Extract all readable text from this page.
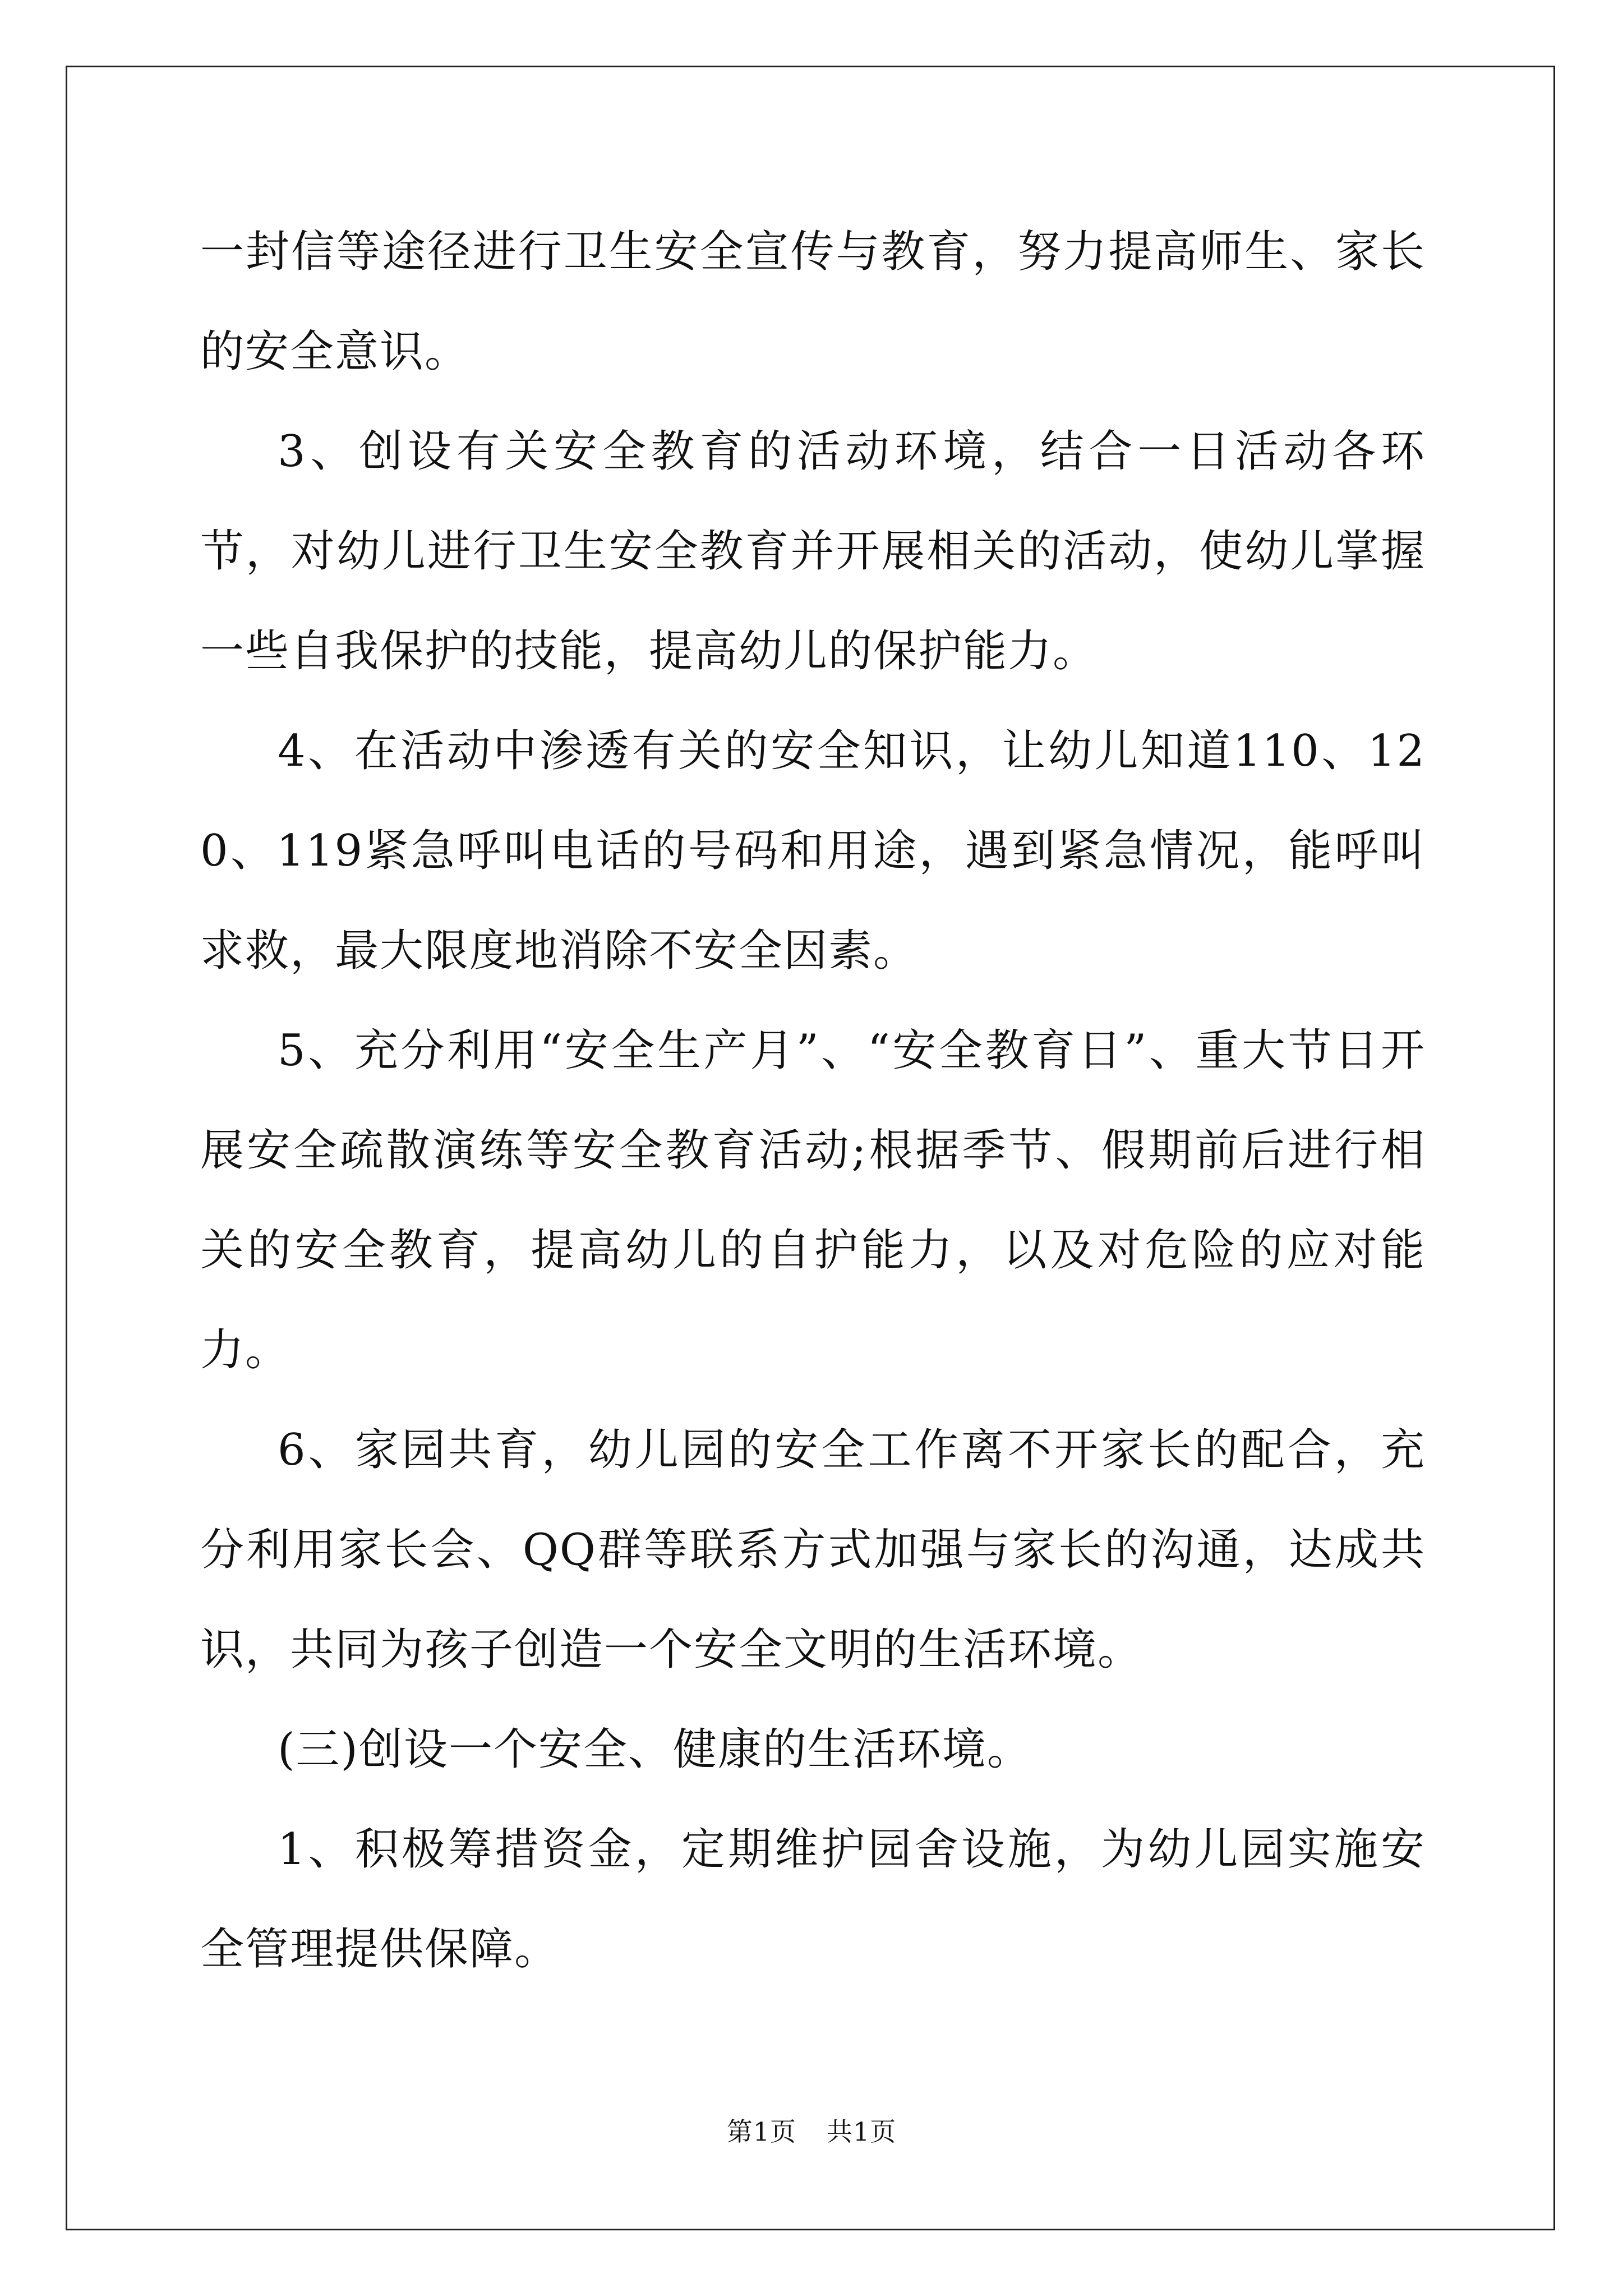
一封信等途径进行卫生安全宣传与教育，努力提高师生、家长的安全意识。

3、创设有关安全教育的活动环境，结合一日活动各环节，对幼儿进行卫生安全教育并开展相关的活动，使幼儿掌握一些自我保护的技能，提高幼儿的保护能力。

4、在活动中渗透有关的安全知识，让幼儿知道110、120、119紧急呼叫电话的号码和用途，遇到紧急情况，能呼叫求救，最大限度地消除不安全因素。

5、充分利用“安全生产月”、“安全教育日”、重大节日开展安全疏散演练等安全教育活动;根据季节、假期前后进行相关的安全教育，提高幼儿的自护能力，以及对危险的应对能力。

6、家园共育，幼儿园的安全工作离不开家长的配合，充分利用家长会、QQ群等联系方式加强与家长的沟通，达成共识，共同为孩子创造一个安全文明的生活环境。

(三)创设一个安全、健康的生活环境。

1、积极筹措资金，定期维护园舍设施，为幼儿园实施安全管理提供保障。

第1页 共1页
